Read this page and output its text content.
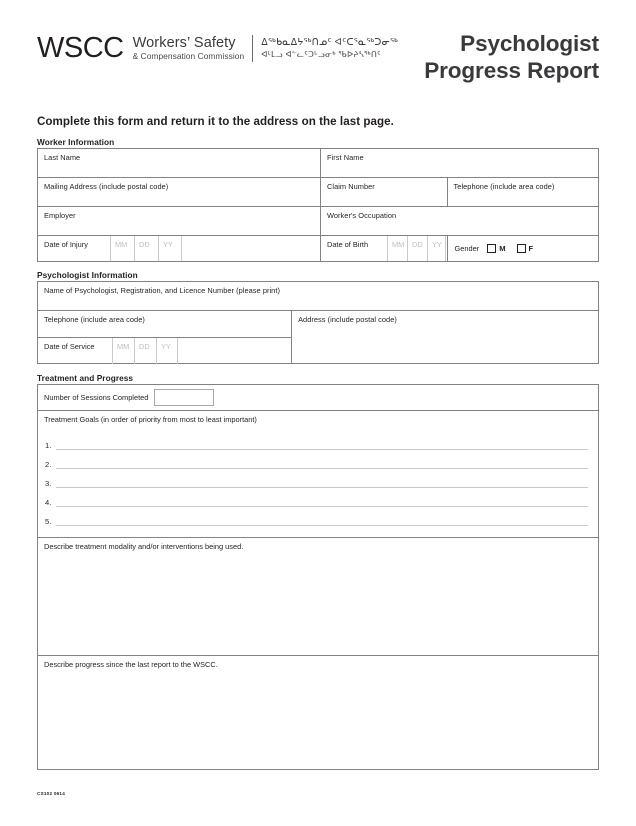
WSCC Workers’ Safety
& Compensation Commission
ᐃᖅᑲᓇᐃᔭᖅᑎᓄᑦ ᐊᑦᑕᕐᓇᖅᑐᓂᖅ
ᐊᒻᒪᓗ ᐊᓪᓚᑦᑐᒡᓗᓂᒃ ᖃᐅᔨᓴᖅᑎᑦ	Psychologist
Progress Report
Complete this form and return it to the address on the last page.
Worker Information
Last Name	First Name
Mailing Address (include postal code)	Claim Number	Telephone (include area code)
Employer	Worker's Occupation
Date of Injury	MM	DD	YY	Date of Birth	MM	DD	YY	Gender	M	F
Psychologist Information
Name of Psychologist, Registration, and Licence Number (please print)
Telephone (include area code)
Date of Service	MM	DD	YY
Address (include postal code)
Treatment and Progress
Number of Sessions Completed
Treatment Goals (in order of priority from most to least important)
1.
2.
3.
4.
5.
Describe treatment modality and/or interventions being used.
Describe progress since the last report to the WSCC.
CS102 0614
